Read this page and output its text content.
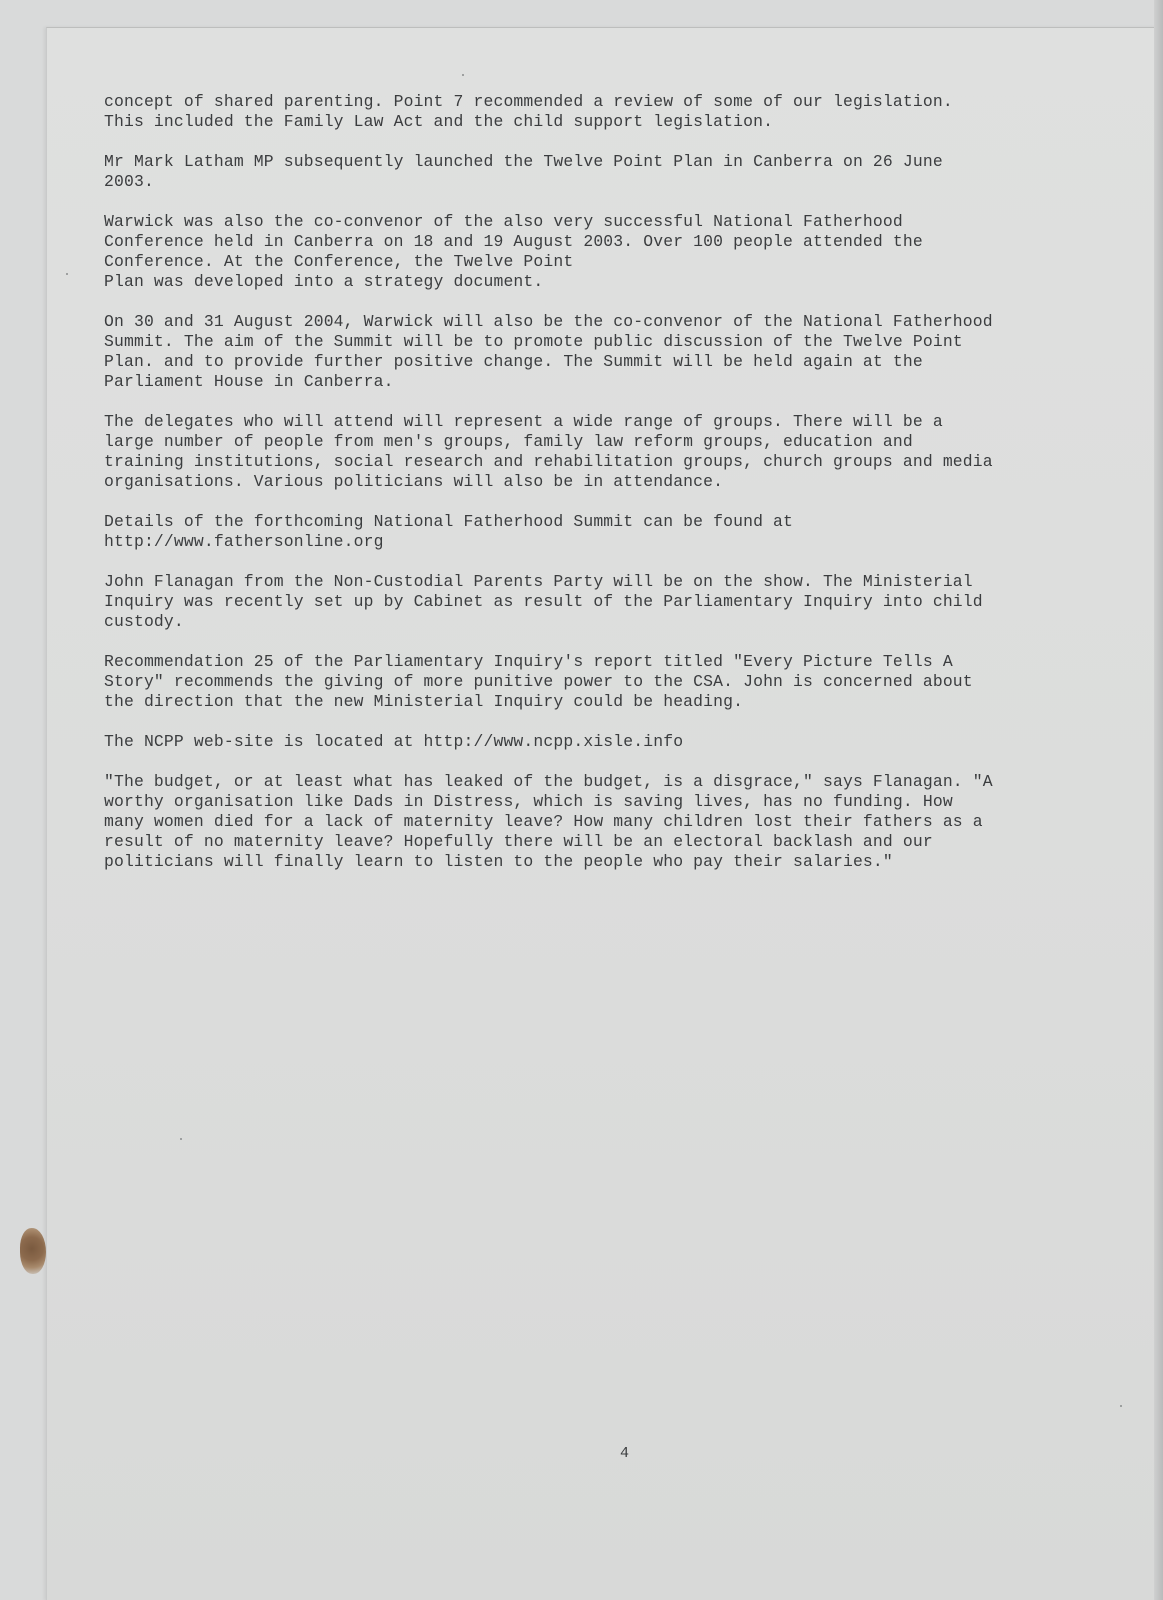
concept of shared parenting. Point 7 recommended a review of some of our legislation.
This included the Family Law Act and the child support legislation.

Mr Mark Latham MP subsequently launched the Twelve Point Plan in Canberra on 26 June
2003.

Warwick was also the co-convenor of the also very successful National Fatherhood
Conference held in Canberra on 18 and 19 August 2003. Over 100 people attended the
Conference. At the Conference, the Twelve Point
Plan was developed into a strategy document.

On 30 and 31 August 2004, Warwick will also be the co-convenor of the National Fatherhood
Summit. The aim of the Summit will be to promote public discussion of the Twelve Point
Plan. and to provide further positive change. The Summit will be held again at the
Parliament House in Canberra.

The delegates who will attend will represent a wide range of groups. There will be a
large number of people from men's groups, family law reform groups, education and
training institutions, social research and rehabilitation groups, church groups and media
organisations. Various politicians will also be in attendance.

Details of the forthcoming National Fatherhood Summit can be found at
http://www.fathersonline.org

John Flanagan from the Non-Custodial Parents Party will be on the show. The Ministerial
Inquiry was recently set up by Cabinet as result of the Parliamentary Inquiry into child
custody.

Recommendation 25 of the Parliamentary Inquiry's report titled "Every Picture Tells A
Story" recommends the giving of more punitive power to the CSA. John is concerned about
the direction that the new Ministerial Inquiry could be heading.

The NCPP web-site is located at http://www.ncpp.xisle.info

"The budget, or at least what has leaked of the budget, is a disgrace," says Flanagan. "A
worthy organisation like Dads in Distress, which is saving lives, has no funding. How
many women died for a lack of maternity leave? How many children lost their fathers as a
result of no maternity leave? Hopefully there will be an electoral backlash and our
politicians will finally learn to listen to the people who pay their salaries."

4
